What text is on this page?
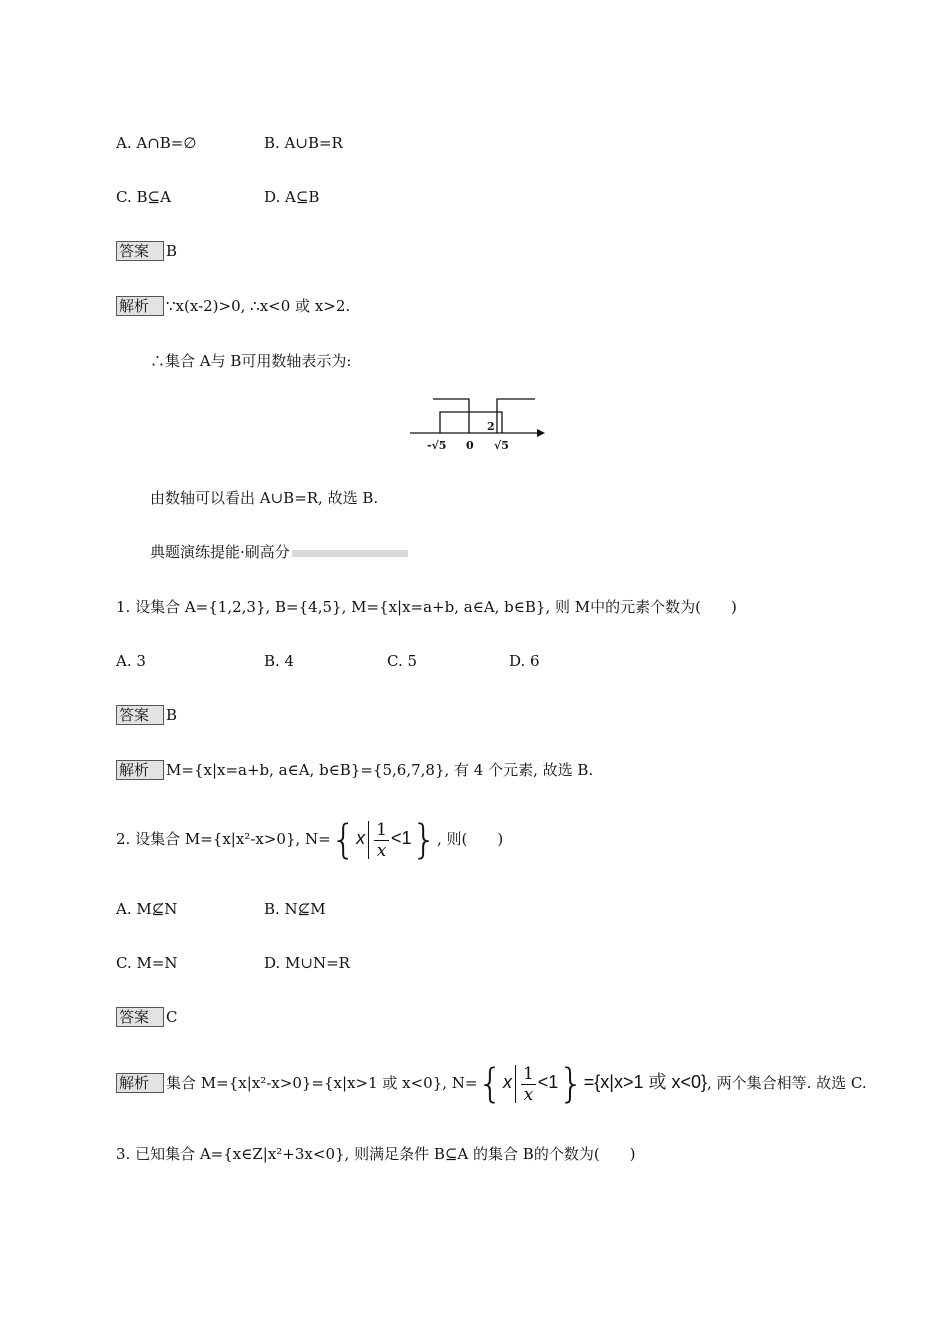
A. A∩B=∅	B. A∪B=R
C. B⊆A	D. A⊆B
答案 B
解析 ∵x(x-2)>0, ∴x<0 或 x>2.
∴集合 A与 B可用数轴表示为:
-√5 0
2
√5
由数轴可以看出 A∪B=R, 故选 B.
典题演练提能·刷高分
1. 设集合 A={1,2,3}, B={4,5}, M={x|x=a+b, a∈A, b∈B}, 则 M中的元素个数为(　　)
A. 3	B. 4	C. 5	D. 6
答案 B
解析 M={x|x=a+b, a∈A, b∈B}={5,6,7,8}, 有 4 个元素, 故选 B.
2. 设集合 M={x|x²-x>0}, $N=\{x \frac{1}{x} <1\}$, 则(　　)
A. M⊈N	B. N⊈M
C. M=N	D. M∪N=R
答案 C
解析 集合 M={x|x²-x>0}={x|x>1 或 x<0}, $N=\{x \frac{1}{x} <1\}=\{x|x>1$ 或 x<0}, 两个集合相等. 故选 C.
3. 已知集合 A={x∈Z|x²+3x<0}, 则满足条件 B⊆A 的集合 B的个数为(　　)
